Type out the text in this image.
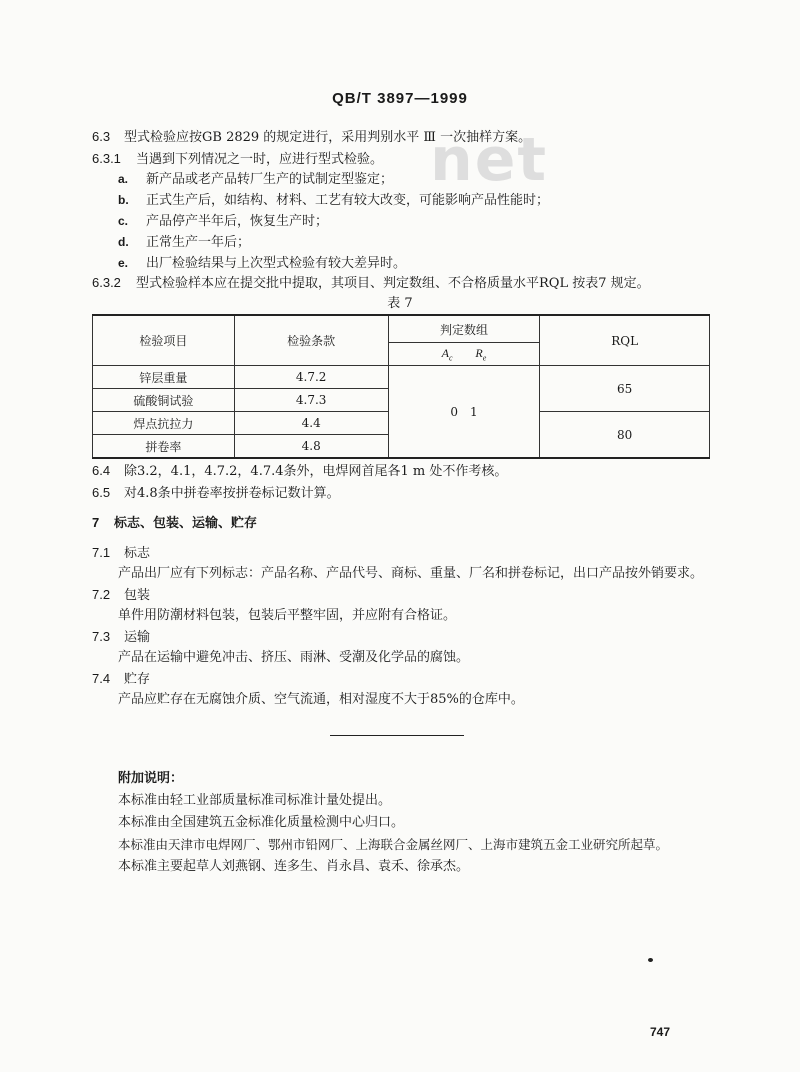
QB/T 3897—1999
net
6.3 型式检验应按GB 2829 的规定进行，采用判别水平 Ⅲ 一次抽样方案。
6.3.1 当遇到下列情况之一时，应进行型式检验。
a. 新产品或老产品转厂生产的试制定型鉴定；
b. 正式生产后，如结构、材料、工艺有较大改变，可能影响产品性能时；
c. 产品停产半年后，恢复生产时；
d. 正常生产一年后；
e. 出厂检验结果与上次型式检验有较大差异时。
6.3.2 型式检验样本应在提交批中提取，其项目、判定数组、不合格质量水平RQL 按表7 规定。
表 7
检验项目	检验条款	判定数组	RQL
		$A_c$ $R_e$
锌层重量	4.7.2	0　1	65
硫酸铜试验	4.7.3		
焊点抗拉力	4.4		80
拼卷率	4.8		
6.4 除3.2，4.1，4.7.2，4.7.4条外，电焊网首尾各1 m 处不作考核。
6.5 对4.8条中拼卷率按拼卷标记数计算。
7 标志、包装、运输、贮存
7.1 标志
产品出厂应有下列标志：产品名称、产品代号、商标、重量、厂名和拼卷标记，出口产品按外销要求。
7.2 包装
单件用防潮材料包装，包装后平整牢固，并应附有合格证。
7.3 运输
产品在运输中避免冲击、挤压、雨淋、受潮及化学品的腐蚀。
7.4 贮存
产品应贮存在无腐蚀介质、空气流通，相对湿度不大于85%的仓库中。
附加说明：
本标准由轻工业部质量标准司标准计量处提出。
本标准由全国建筑五金标准化质量检测中心归口。
本标准由天津市电焊网厂、鄂州市铅网厂、上海联合金属丝网厂、上海市建筑五金工业研究所起草。
本标准主要起草人刘燕钢、连多生、肖永昌、袁禾、徐承杰。
747
